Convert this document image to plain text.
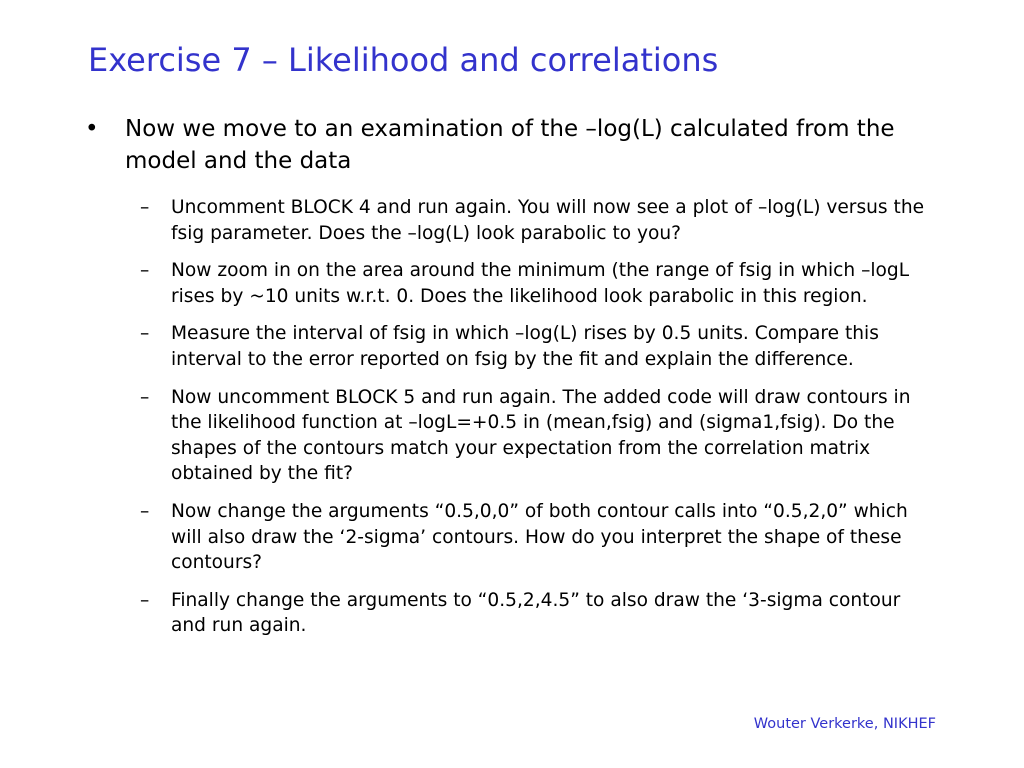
Exercise 7 – Likelihood and correlations
•	Now we move to an examination of the –log(L) calculated from the model and the data
–	Uncomment BLOCK 4 and run again. You will now see a plot of –log(L) versus the fsig parameter. Does the –log(L) look parabolic to you?
–	Now zoom in on the area around the minimum (the range of fsig in which –logL rises by ~10 units w.r.t. 0. Does the likelihood look parabolic in this region.
–	Measure the interval of fsig in which –log(L) rises by 0.5 units. Compare this interval to the error reported on fsig by the fit and explain the difference.
–	Now uncomment BLOCK 5 and run again. The added code will draw contours in the likelihood function at –logL=+0.5 in (mean,fsig) and (sigma1,fsig). Do the shapes of the contours match your expectation from the correlation matrix obtained by the fit?
–	Now change the arguments “0.5,0,0” of both contour calls into “0.5,2,0” which will also draw the ‘2-sigma’ contours. How do you interpret the shape of these contours?
–	Finally change the arguments to “0.5,2,4.5” to also draw the ‘3-sigma contour and run again.
Wouter Verkerke, NIKHEF
